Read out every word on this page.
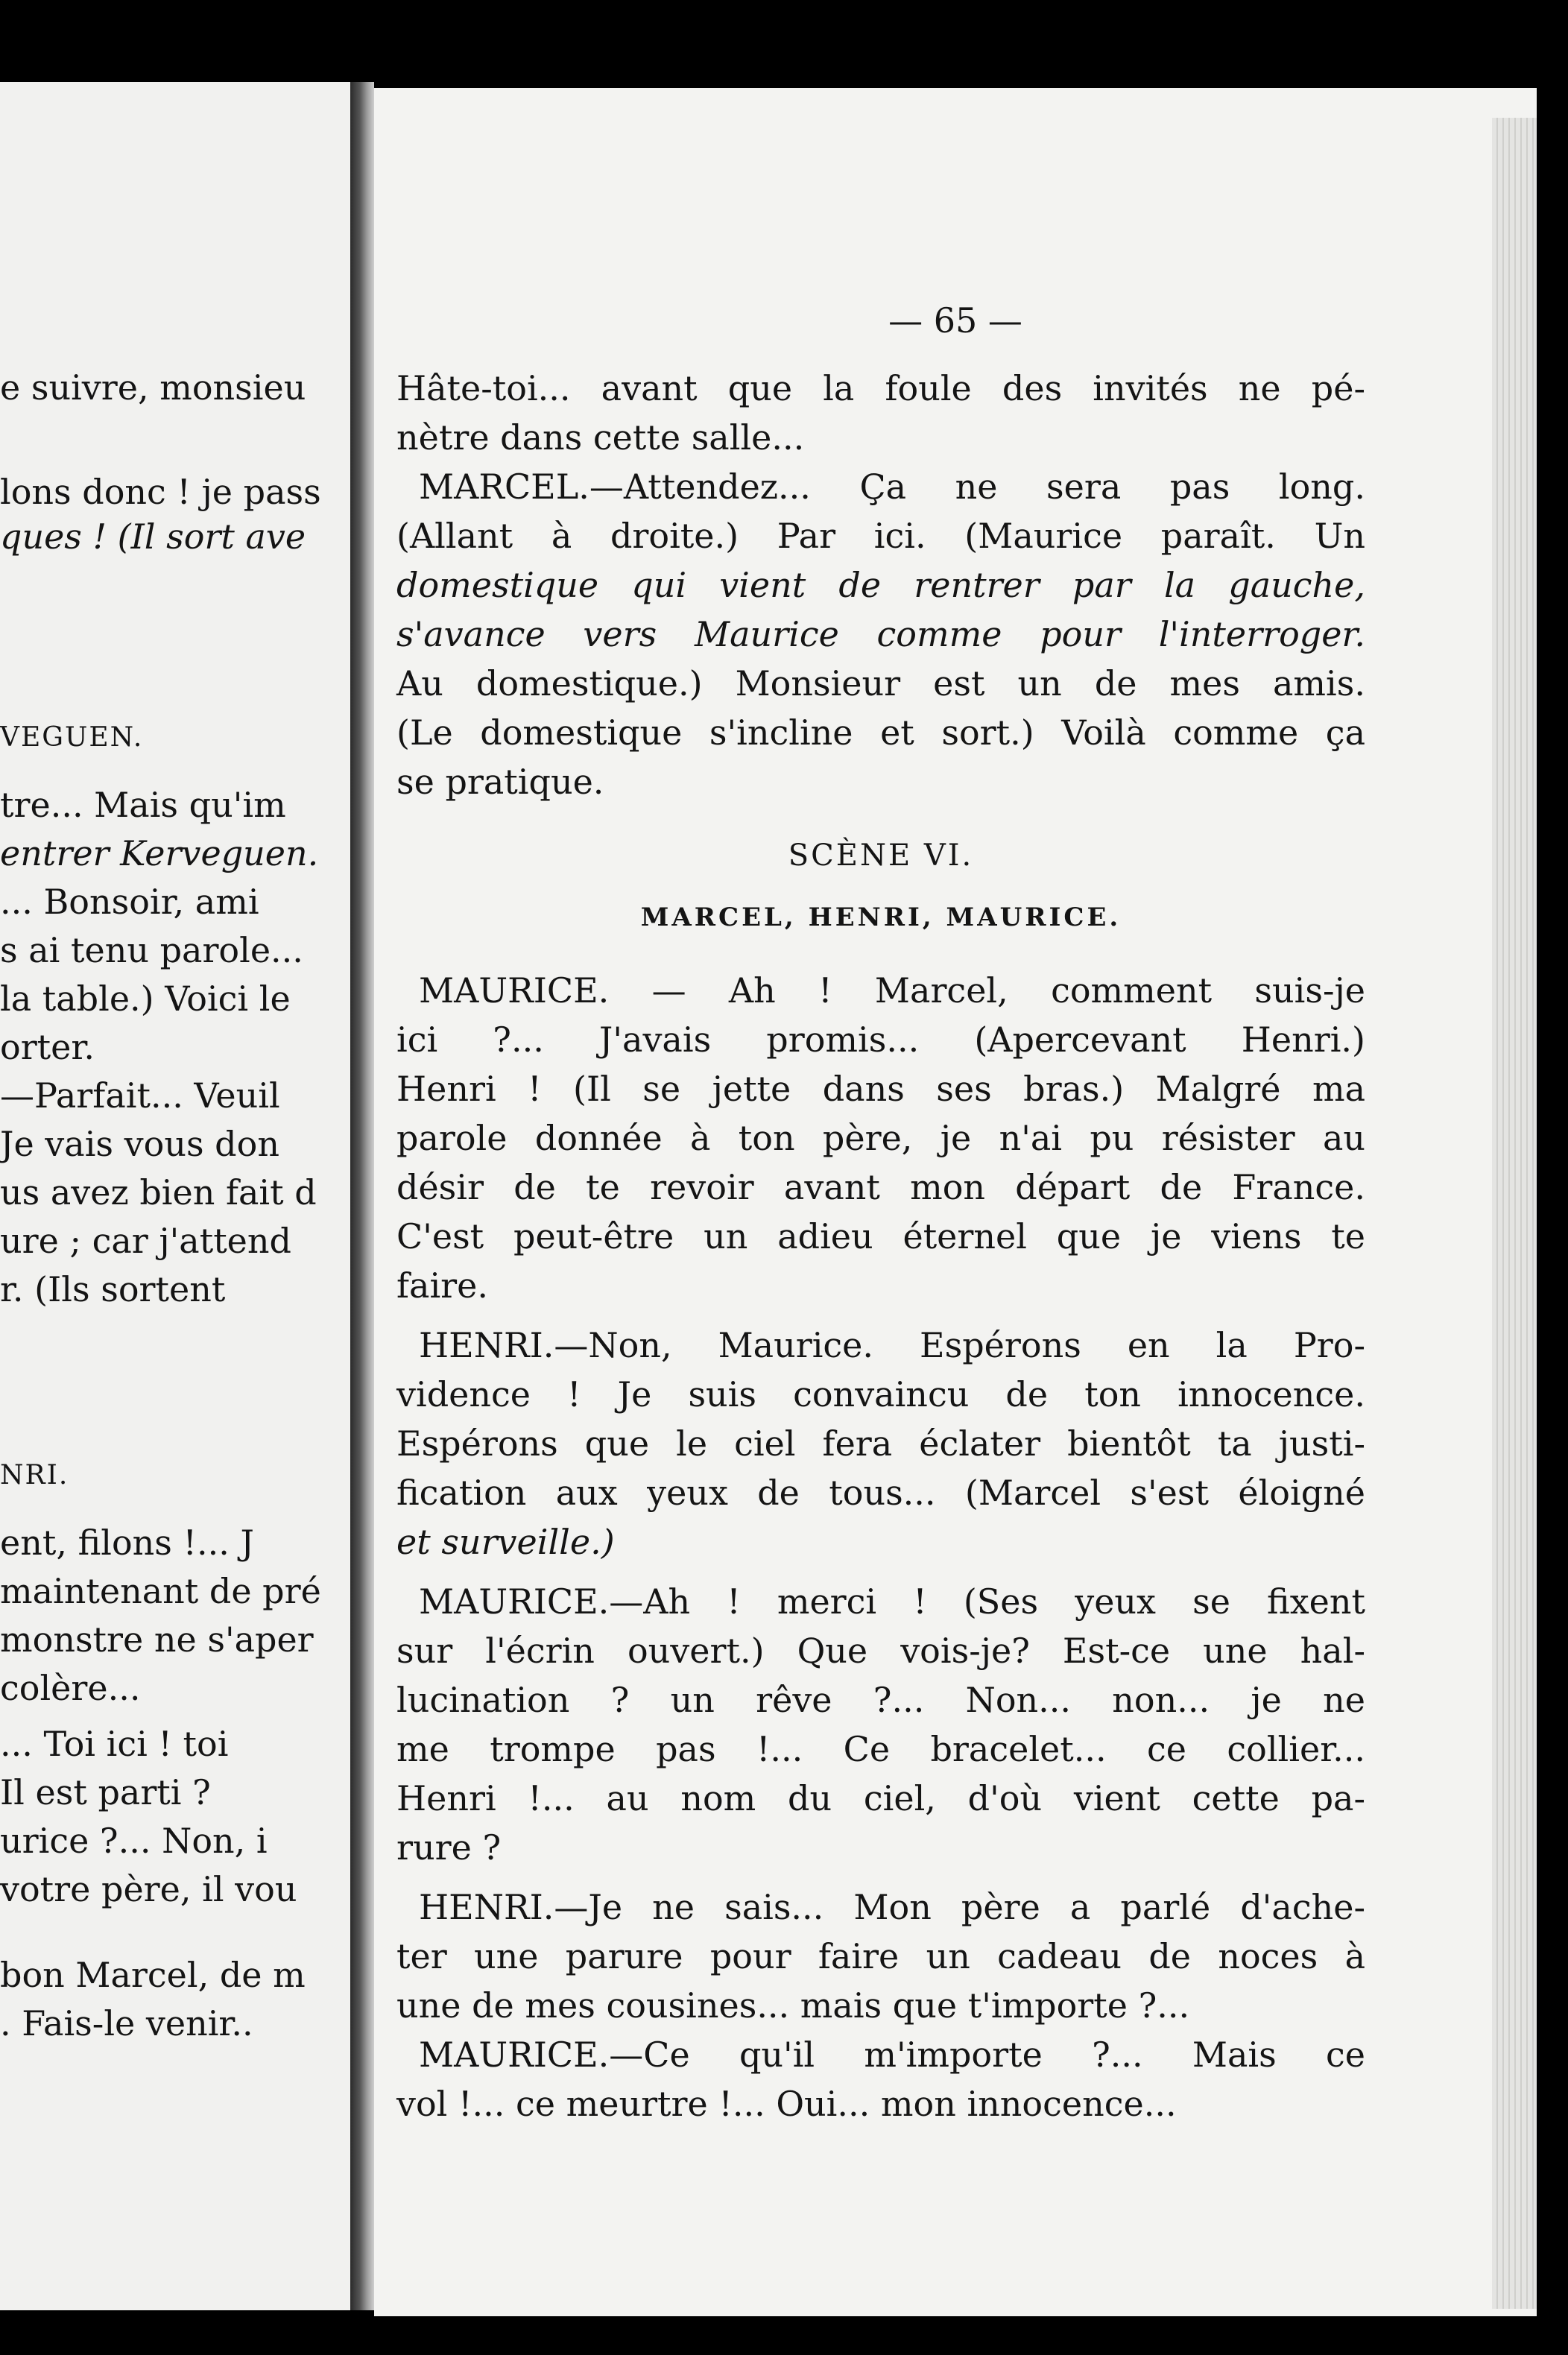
e suivre, monsieu
lons donc ! je pass
ques ! (Il sort ave
VEGUEN.
tre... Mais qu'im
entrer Kerveguen.
... Bonsoir, ami
s ai tenu parole...
la table.) Voici le
orter.
—Parfait... Veuil
Je vais vous don
us avez bien fait d
ure ; car j'attend
r. (Ils sortent
NRI.
ent, filons !... J
maintenant de pré
monstre ne s'aper
colère...
... Toi ici ! toi
Il est parti ?
urice ?... Non, i
votre père, il vou
bon Marcel, de m
. Fais-le venir..
— 65 —
Hâte-toi... avant que la foule des invités ne pé-
nètre dans cette salle...
MARCEL.—Attendez... Ça ne sera pas long.
(Allant à droite.) Par ici. (Maurice paraît. Un
domestique qui vient de rentrer par la gauche,
s'avance vers Maurice comme pour l'interroger.
Au domestique.) Monsieur est un de mes amis.
(Le domestique s'incline et sort.) Voilà comme ça
se pratique.
SCÈNE VI.
MARCEL, HENRI, MAURICE.
MAURICE. — Ah ! Marcel, comment suis-je
ici ?... J'avais promis... (Apercevant Henri.)
Henri ! (Il se jette dans ses bras.) Malgré ma
parole donnée à ton père, je n'ai pu résister au
désir de te revoir avant mon départ de France.
C'est peut-être un adieu éternel que je viens te
faire.
HENRI.—Non, Maurice. Espérons en la Pro-
vidence ! Je suis convaincu de ton innocence.
Espérons que le ciel fera éclater bientôt ta justi-
fication aux yeux de tous... (Marcel s'est éloigné
et surveille.)
MAURICE.—Ah ! merci ! (Ses yeux se fixent
sur l'écrin ouvert.) Que vois-je? Est-ce une hal-
lucination ? un rêve ?... Non... non... je ne
me trompe pas !... Ce bracelet... ce collier...
Henri !... au nom du ciel, d'où vient cette pa-
rure ?
HENRI.—Je ne sais... Mon père a parlé d'ache-
ter une parure pour faire un cadeau de noces à
une de mes cousines... mais que t'importe ?...
MAURICE.—Ce qu'il m'importe ?... Mais ce
vol !... ce meurtre !... Oui... mon innocence...
